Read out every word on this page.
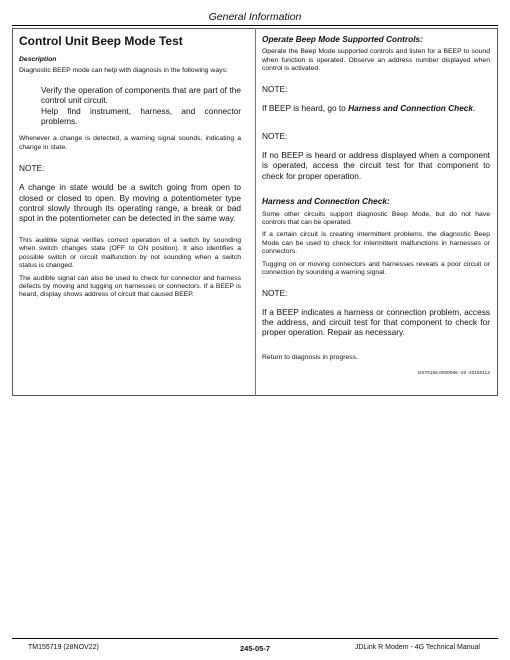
General Information

Control Unit Beep Mode Test

Description

Diagnostic BEEP mode can help with diagnosis in the following ways:

Verify the operation of components that are part of the control unit circuit.

Help find instrument, harness, and connector problems.

Whenever a change is detected, a warning signal sounds, indicating a change in state.

NOTE:

A change in state would be a switch going from open to closed or closed to open. By moving a potentiometer type control slowly through its operating range, a break or bad spot in the potentiometer can be detected in the same way.

This audible signal verifies correct operation of a switch by sounding when switch changes state (OFF to ON position). It also identifies a possible switch or circuit malfunction by not sounding when a switch status is changed.

The audible signal can also be used to check for connector and harness defects by moving and tugging on harnesses or connectors. If a BEEP is heard, display shows address of circuit that caused BEEP.

Operate Beep Mode Supported Controls:

Operate the Beep Mode supported controls and listen for a BEEP to sound when function is operated. Observe an address number displayed when control is activated.

NOTE:

If BEEP is heard, go to Harness and Connection Check.

NOTE:

If no BEEP is heard or address displayed when a component is operated, access the circuit test for that component to check for proper operation.

Harness and Connection Check:

Some other circuits support diagnostic Beep Mode, but do not have controls that can be operated.

If a certain circuit is creating intermittent problems, the diagnostic Beep Mode can be used to check for intermittent malfunctions in harnesses or connectors.

Tugging on or moving connectors and harnesses reveals a poor circuit or connection by sounding a warning signal.

NOTE:

If a BEEP indicates a harness or connection problem, access the address, and circuit test for that component to check for proper operation. Repair as necessary.

Return to diagnosis in progress.

GS75158,0000086 -19 -20180112

TM155719 (28NOV22)	245-05-7	JDLink R Modem - 4G Technical Manual
